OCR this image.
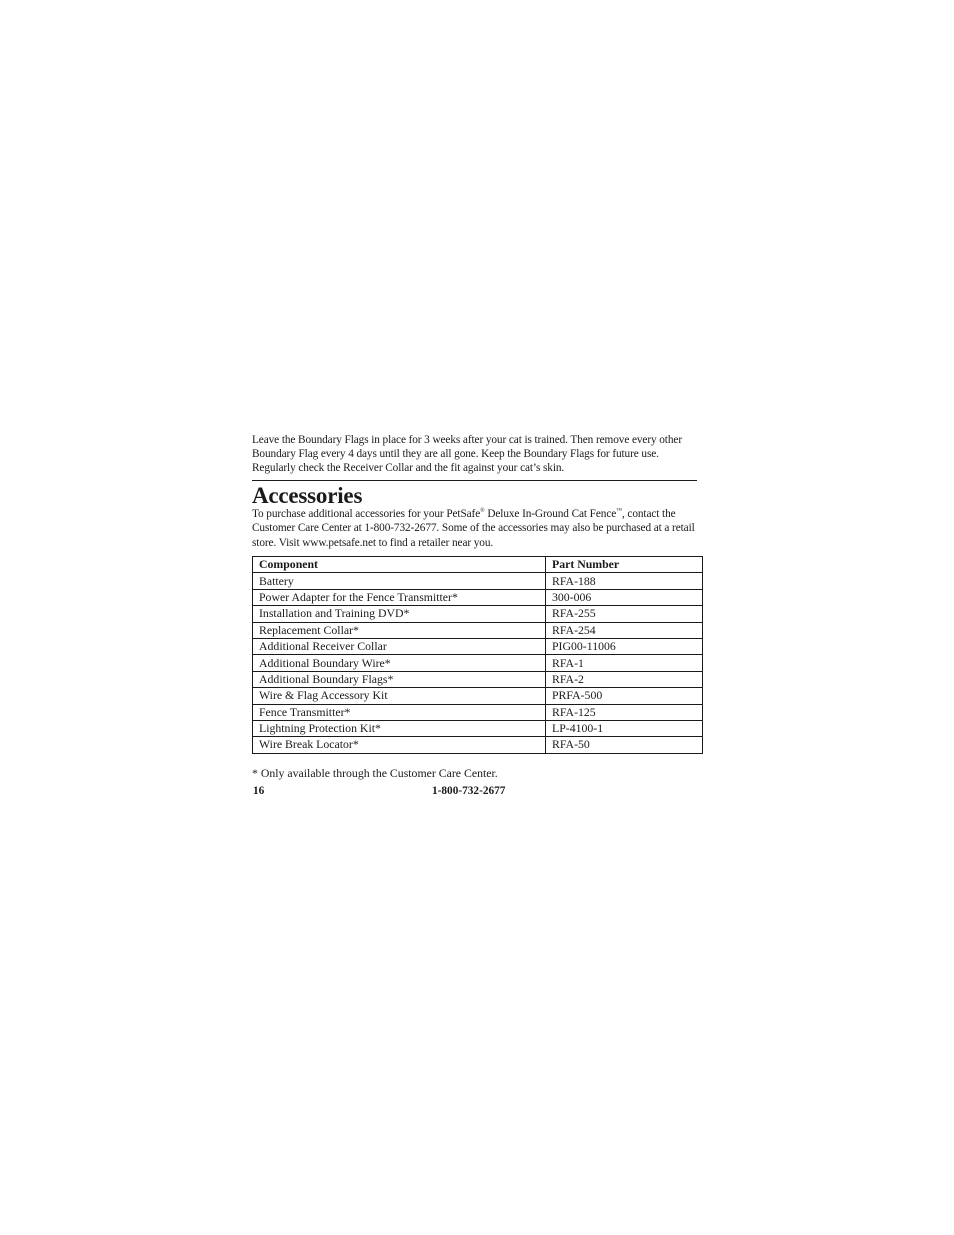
Leave the Boundary Flags in place for 3 weeks after your cat is trained. Then remove every other Boundary Flag every 4 days until they are all gone. Keep the Boundary Flags for future use. Regularly check the Receiver Collar and the fit against your cat’s skin.

Accessories

To purchase additional accessories for your PetSafe® Deluxe In-Ground Cat Fence™, contact the Customer Care Center at 1-800-732-2677. Some of the accessories may also be purchased at a retail store. Visit www.petsafe.net to find a retailer near you.

Component	Part Number
Battery	RFA-188
Power Adapter for the Fence Transmitter*	300-006
Installation and Training DVD*	RFA-255
Replacement Collar*	RFA-254
Additional Receiver Collar	PIG00-11006
Additional Boundary Wire*	RFA-1
Additional Boundary Flags*	RFA-2
Wire & Flag Accessory Kit	PRFA-500
Fence Transmitter*	RFA-125
Lightning Protection Kit*	LP-4100-1
Wire Break Locator*	RFA-50

* Only available through the Customer Care Center.

16	1-800-732-2677
